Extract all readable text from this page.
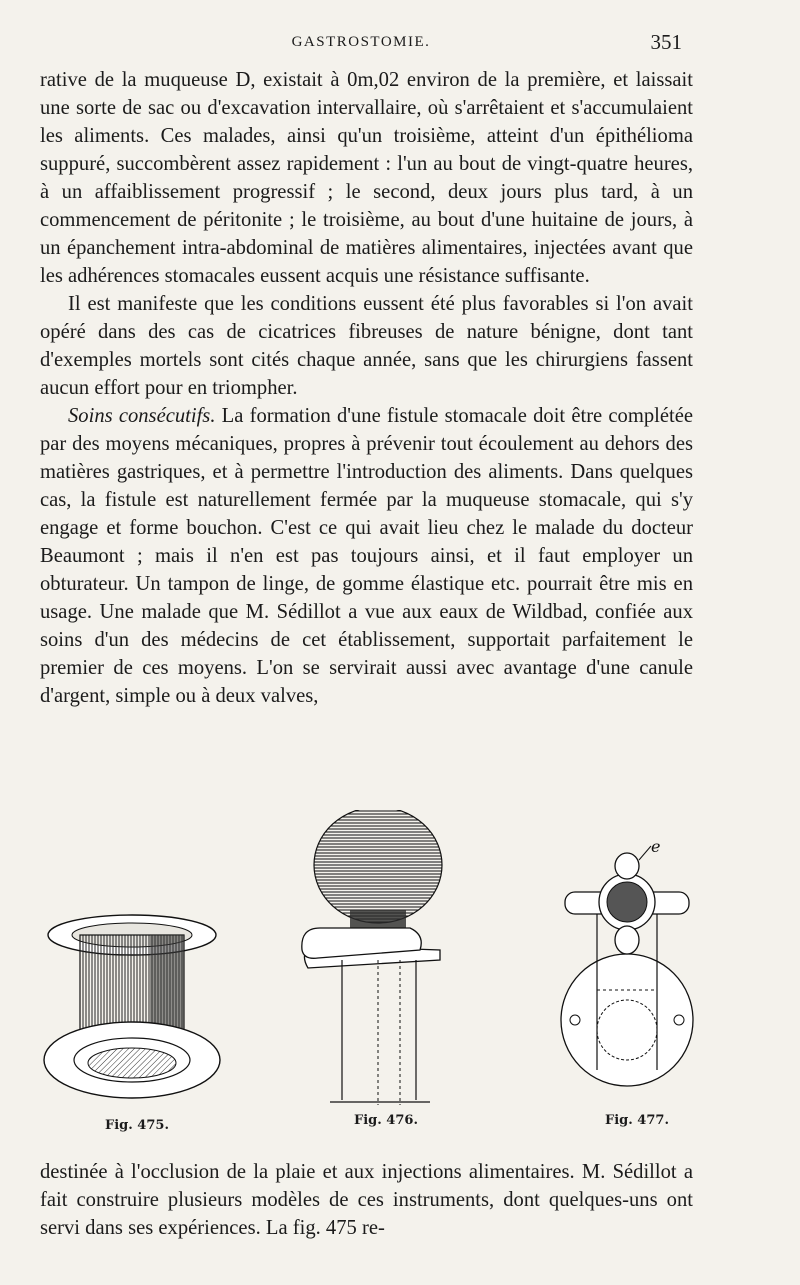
GASTROSTOMIE.	351

rative de la muqueuse D, existait à 0m,02 environ de la première, et laissait une sorte de sac ou d'excavation intervallaire, où s'arrêtaient et s'accumulaient les aliments. Ces malades, ainsi qu'un troisième, atteint d'un épithélioma suppuré, succombèrent assez rapidement : l'un au bout de vingt-quatre heures, à un affaiblissement progressif ; le second, deux jours plus tard, à un commencement de péritonite ; le troisième, au bout d'une huitaine de jours, à un épanchement intra-abdominal de matières alimentaires, injectées avant que les adhérences stomacales eussent acquis une résistance suffisante.

Il est manifeste que les conditions eussent été plus favorables si l'on avait opéré dans des cas de cicatrices fibreuses de nature bénigne, dont tant d'exemples mortels sont cités chaque année, sans que les chirurgiens fassent aucun effort pour en triompher.

Soins consécutifs. La formation d'une fistule stomacale doit être complétée par des moyens mécaniques, propres à prévenir tout écoulement au dehors des matières gastriques, et à permettre l'introduction des aliments. Dans quelques cas, la fistule est naturellement fermée par la muqueuse stomacale, qui s'y engage et forme bouchon. C'est ce qui avait lieu chez le malade du docteur Beaumont ; mais il n'en est pas toujours ainsi, et il faut employer un obturateur. Un tampon de linge, de gomme élastique etc. pourrait être mis en usage. Une malade que M. Sédillot a vue aux eaux de Wildbad, confiée aux soins d'un des médecins de cet établissement, supportait parfaitement le premier de ces moyens. L'on se servirait aussi avec avantage d'une canule d'argent, simple ou à deux valves,

Fig. 475.	Fig. 476.
e
Fig. 477.

destinée à l'occlusion de la plaie et aux injections alimentaires. M. Sédillot a fait construire plusieurs modèles de ces instruments, dont quelques-uns ont servi dans ses expériences. La fig. 475 re-
